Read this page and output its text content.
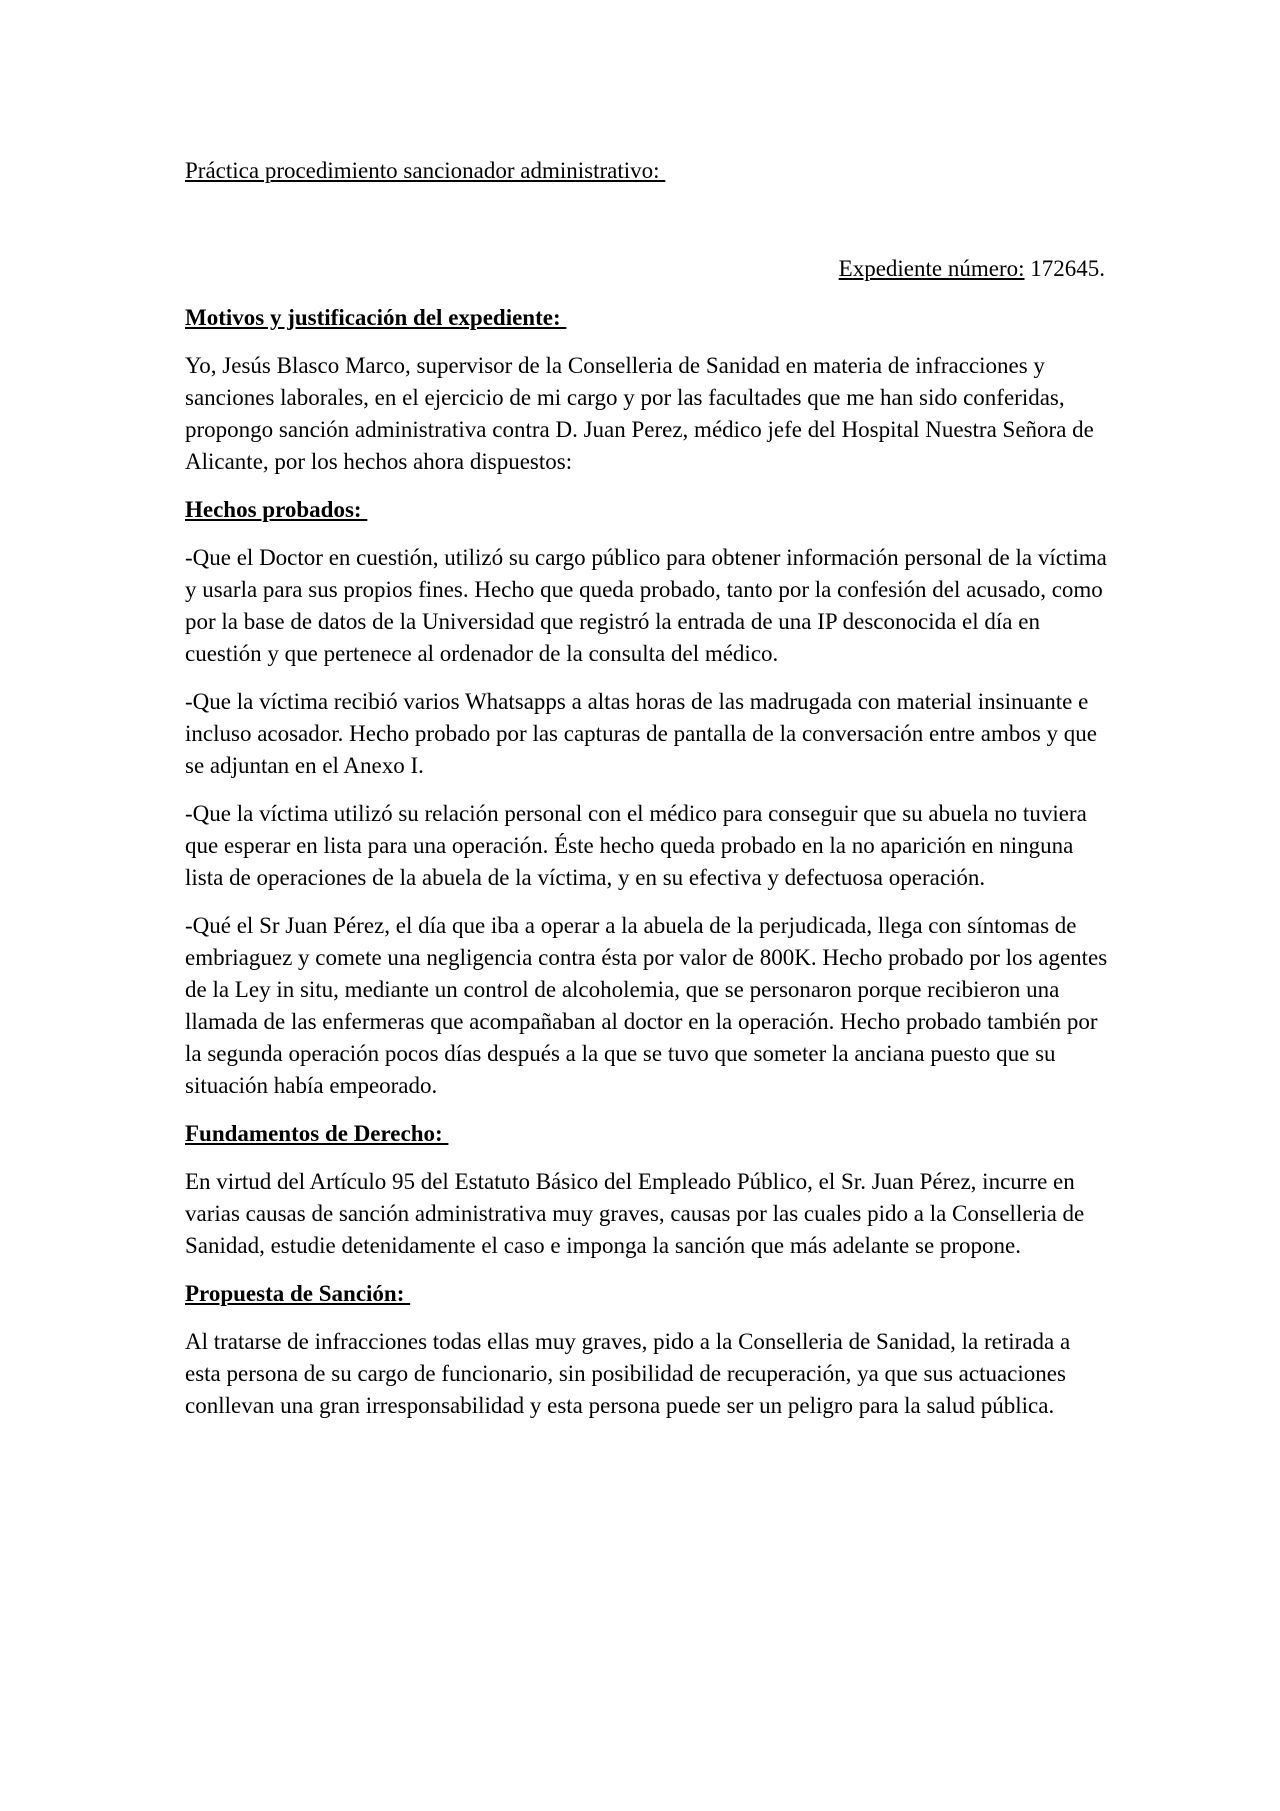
Práctica procedimiento sancionador administrativo:

Expediente número: 172645.

Motivos y justificación del expediente:

Yo, Jesús Blasco Marco, supervisor de la Conselleria de Sanidad en materia de infracciones y sanciones laborales, en el ejercicio de mi cargo y por las facultades que me han sido conferidas, propongo sanción administrativa contra D. Juan Perez, médico jefe del Hospital Nuestra Señora de Alicante, por los hechos ahora dispuestos:

Hechos probados:

-Que el Doctor en cuestión, utilizó su cargo público para obtener información personal de la víctima y usarla para sus propios fines. Hecho que queda probado, tanto por la confesión del acusado, como por la base de datos de la Universidad que registró la entrada de una IP desconocida el día en cuestión y que pertenece al ordenador de la consulta del médico.

-Que la víctima recibió varios Whatsapps a altas horas de las madrugada con material insinuante e incluso acosador. Hecho probado por las capturas de pantalla de la conversación entre ambos y que se adjuntan en el Anexo I.

-Que la víctima utilizó su relación personal con el médico para conseguir que su abuela no tuviera que esperar en lista para una operación. Éste hecho queda probado en la no aparición en ninguna lista de operaciones de la abuela de la víctima, y en su efectiva y defectuosa operación.

-Qué el Sr Juan Pérez, el día que iba a operar a la abuela de la perjudicada, llega con síntomas de embriaguez y comete una negligencia contra ésta por valor de 800K. Hecho probado por los agentes de la Ley in situ, mediante un control de alcoholemia, que se personaron porque recibieron una llamada de las enfermeras que acompañaban al doctor en la operación. Hecho probado también por la segunda operación pocos días después a la que se tuvo que someter la anciana puesto que su situación había empeorado.

Fundamentos de Derecho:

En virtud del Artículo 95 del Estatuto Básico del Empleado Público, el Sr. Juan Pérez, incurre en varias causas de sanción administrativa muy graves, causas por las cuales pido a la Conselleria de Sanidad, estudie detenidamente el caso e imponga la sanción que más adelante se propone.

Propuesta de Sanción:

Al tratarse de infracciones todas ellas muy graves, pido a la Conselleria de Sanidad, la retirada a esta persona de su cargo de funcionario, sin posibilidad de recuperación, ya que sus actuaciones conllevan una gran irresponsabilidad y esta persona puede ser un peligro para la salud pública.
